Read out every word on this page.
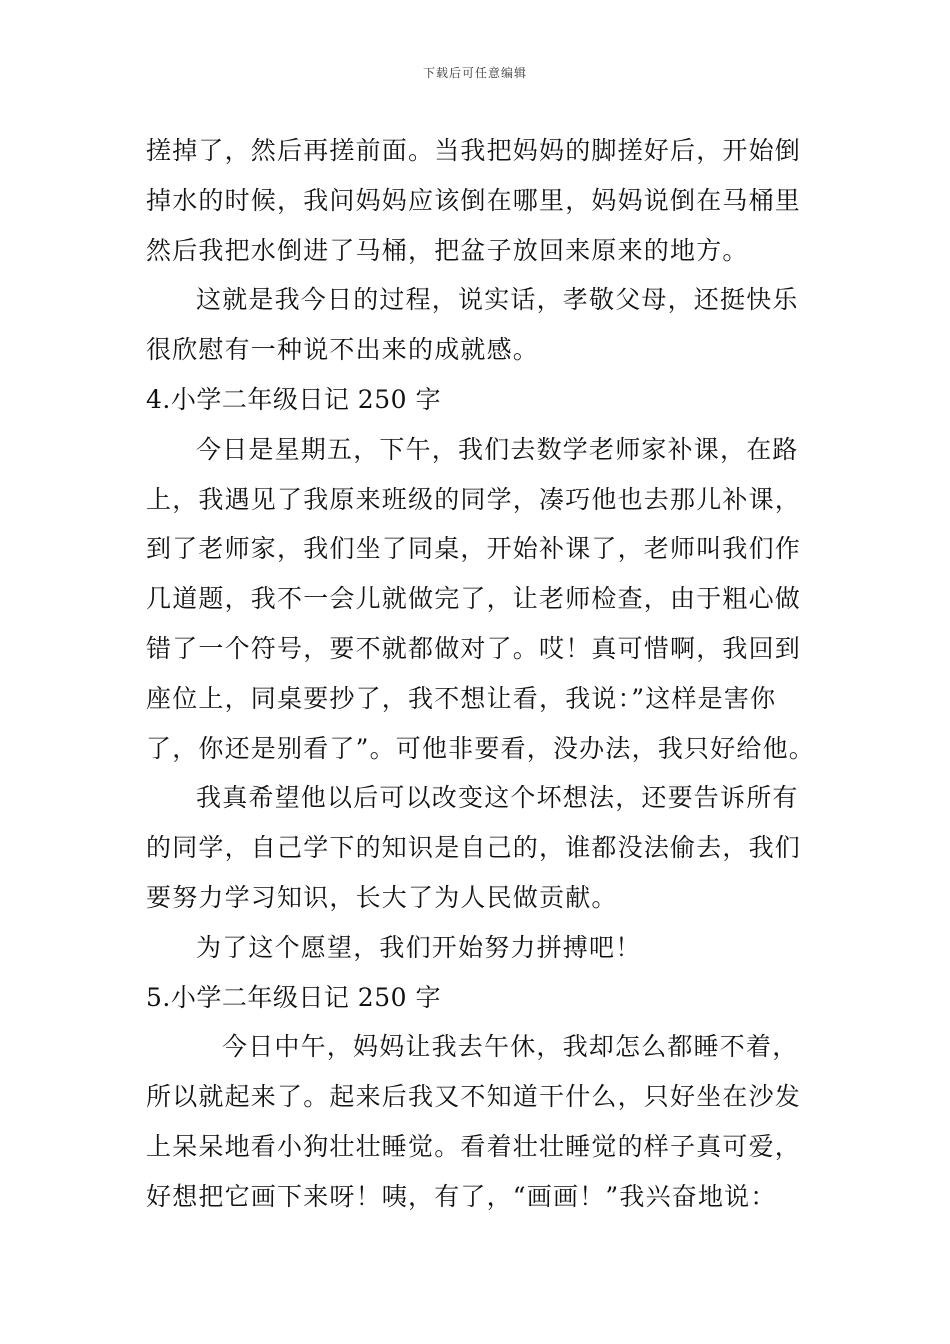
下载后可任意编辑
搓掉了，然后再搓前面。当我把妈妈的脚搓好后，开始倒
掉水的时候，我问妈妈应该倒在哪里，妈妈说倒在马桶里
然后我把水倒进了马桶，把盆子放回来原来的地方。
这就是我今日的过程，说实话，孝敬父母，还挺快乐
很欣慰有一种说不出来的成就感。
4.小学二年级日记 250 字
今日是星期五，下午，我们去数学老师家补课，在路
上，我遇见了我原来班级的同学，凑巧他也去那儿补课，
到了老师家，我们坐了同桌，开始补课了，老师叫我们作
几道题，我不一会儿就做完了，让老师检查，由于粗心做
错了一个符号，要不就都做对了。哎！真可惜啊，我回到
座位上，同桌要抄了，我不想让看，我说：”这样是害你
了，你还是别看了”。可他非要看，没办法，我只好给他。
我真希望他以后可以改变这个坏想法，还要告诉所有
的同学，自己学下的知识是自己的，谁都没法偷去，我们
要努力学习知识，长大了为人民做贡献。
为了这个愿望，我们开始努力拼搏吧！
5.小学二年级日记 250 字
今日中午，妈妈让我去午休，我却怎么都睡不着，
所以就起来了。起来后我又不知道干什么，只好坐在沙发
上呆呆地看小狗壮壮睡觉。看着壮壮睡觉的样子真可爱，
好想把它画下来呀！咦，有了，“画画！”我兴奋地说：
